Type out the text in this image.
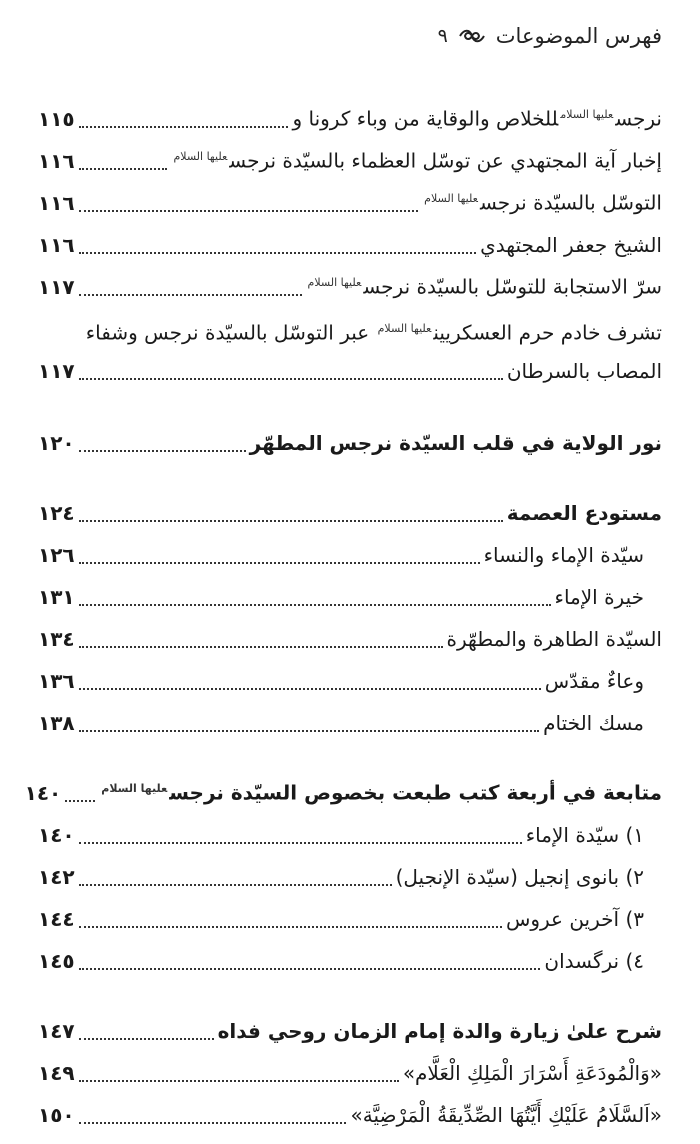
فهرس الموضوعات
٩
نرجس$^{عليها السلام}$للخلاص والوقاية من وباء كرونا و
١١٥
إخبار آية المجتهدي عن توسّل العظماء بالسيّدة نرجس$^{عليها السلام}$
١١٦
التوسّل بالسيّدة نرجس$^{عليها السلام}$
١١٦
الشيخ جعفر المجتهدي
١١٦
سرّ الاستجابة للتوسّل بالسيّدة نرجس$^{عليها السلام}$
١١٧
تشرف خادم حرم العسكريين$^{عليها السلام}$ عبر التوسّل بالسيّدة نرجس وشفاء
المصاب بالسرطان
١١٧
نور الولاية في قلب السيّدة نرجس المطهّر
١٢٠
مستودع العصمة
١٢٤
سيّدة الإماء والنساء
١٢٦
خيرة الإماء
١٣١
السيّدة الطاهرة والمطهّرة
١٣٤
وعاءٌ مقدّس
١٣٦
مسك الختام
١٣٨
متابعة في أربعة كتب طبعت بخصوص السيّدة نرجس$^{عليها السلام}$
١٤٠
١) سيّدة الإماء
١٤٠
٢) بانوى إنجيل (سيّدة الإنجيل)
١٤٢
٣) آخرين عروس
١٤٤
٤) نرگسدان
١٤٥
شرح علىٰ زيارة والدة إمام الزمان روحي فداه
١٤٧
«وَالْمُودَعَةِ أَسْرَارَ الْمَلِكِ الْعَلَّام»
١٤٩
«اَلسَّلَامُ عَلَيْكِ أَيَّتُهَا الصِّدِّيقَةُ الْمَرْضِيَّة»
١٥٠
